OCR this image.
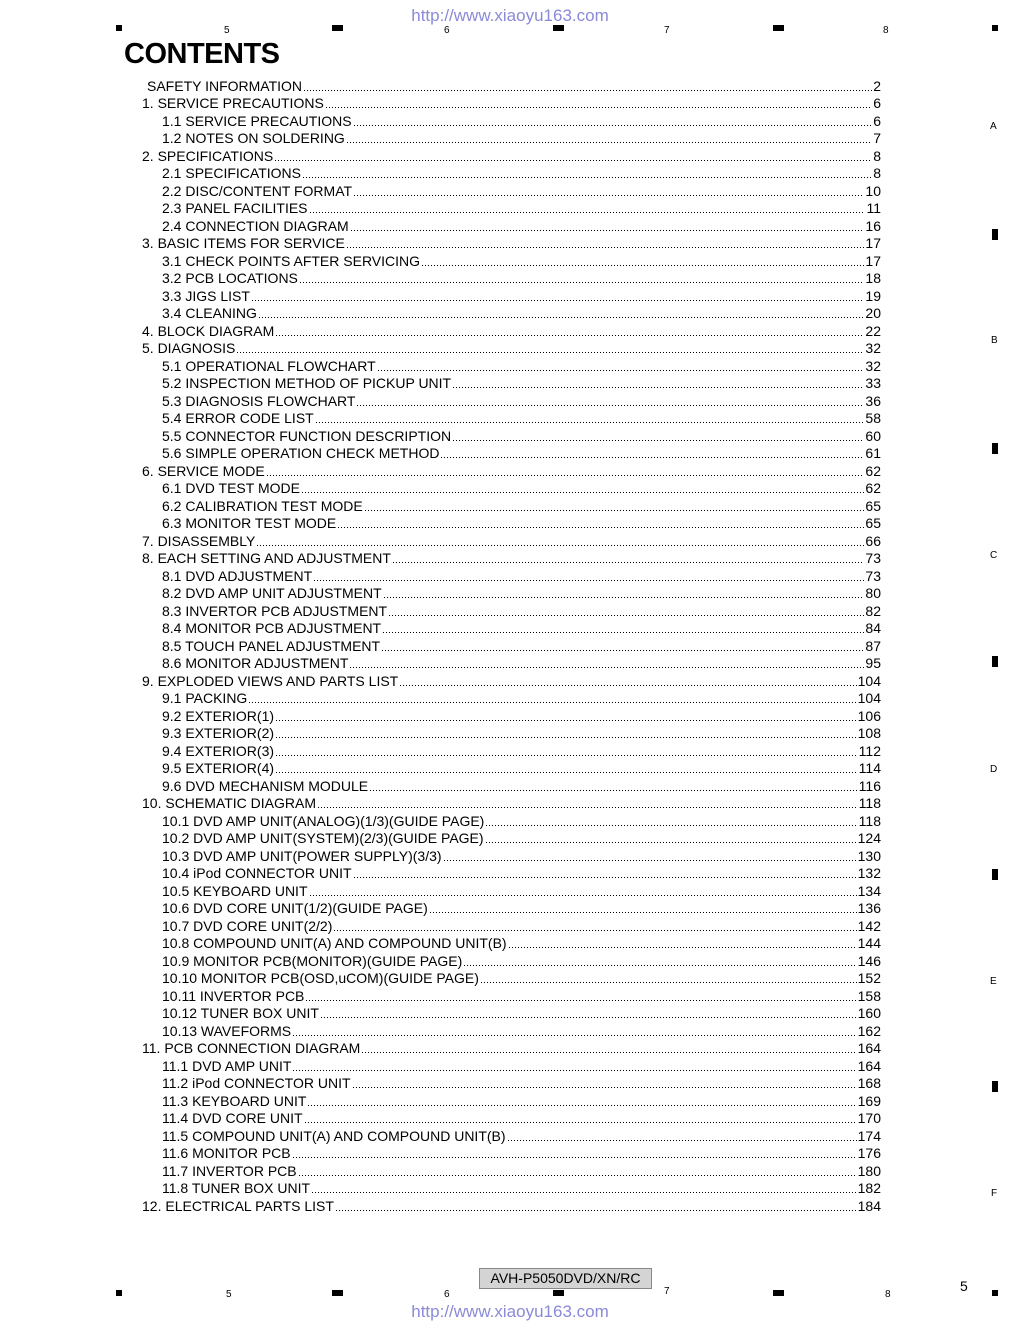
http://www.xiaoyu163.com
5	6	7	8
A
B
C
D
E
F
CONTENTS
SAFETY INFORMATION	2
1. SERVICE PRECAUTIONS	6
1.1 SERVICE PRECAUTIONS	6
1.2 NOTES ON SOLDERING	7
2. SPECIFICATIONS	8
2.1 SPECIFICATIONS	8
2.2 DISC/CONTENT FORMAT	10
2.3 PANEL FACILITIES	11
2.4 CONNECTION DIAGRAM	16
3. BASIC ITEMS FOR SERVICE	17
3.1 CHECK POINTS AFTER SERVICING	17
3.2 PCB LOCATIONS	18
3.3 JIGS LIST	19
3.4 CLEANING	20
4. BLOCK DIAGRAM	22
5. DIAGNOSIS	32
5.1 OPERATIONAL FLOWCHART	32
5.2 INSPECTION METHOD OF PICKUP UNIT	33
5.3 DIAGNOSIS FLOWCHART	36
5.4 ERROR CODE LIST	58
5.5 CONNECTOR FUNCTION DESCRIPTION	60
5.6 SIMPLE OPERATION CHECK METHOD	61
6. SERVICE MODE	62
6.1 DVD TEST MODE	62
6.2 CALIBRATION TEST MODE	65
6.3 MONITOR TEST MODE	65
7. DISASSEMBLY	66
8. EACH SETTING AND ADJUSTMENT	73
8.1 DVD ADJUSTMENT	73
8.2 DVD AMP UNIT ADJUSTMENT	80
8.3 INVERTOR PCB ADJUSTMENT	82
8.4 MONITOR PCB ADJUSTMENT	84
8.5 TOUCH PANEL ADJUSTMENT	87
8.6 MONITOR ADJUSTMENT	95
9. EXPLODED VIEWS AND PARTS LIST	104
9.1 PACKING	104
9.2 EXTERIOR(1)	106
9.3 EXTERIOR(2)	108
9.4 EXTERIOR(3)	112
9.5 EXTERIOR(4)	114
9.6 DVD MECHANISM MODULE	116
10. SCHEMATIC DIAGRAM	118
10.1 DVD AMP UNIT(ANALOG)(1/3)(GUIDE PAGE)	118
10.2 DVD AMP UNIT(SYSTEM)(2/3)(GUIDE PAGE)	124
10.3 DVD AMP UNIT(POWER SUPPLY)(3/3)	130
10.4 iPod CONNECTOR UNIT	132
10.5 KEYBOARD UNIT	134
10.6 DVD CORE UNIT(1/2)(GUIDE PAGE)	136
10.7 DVD CORE UNIT(2/2)	142
10.8 COMPOUND UNIT(A) AND COMPOUND UNIT(B)	144
10.9 MONITOR PCB(MONITOR)(GUIDE PAGE)	146
10.10 MONITOR PCB(OSD,uCOM)(GUIDE PAGE)	152
10.11 INVERTOR PCB	158
10.12 TUNER BOX UNIT	160
10.13 WAVEFORMS	162
11. PCB CONNECTION DIAGRAM	164
11.1 DVD AMP UNIT	164
11.2 iPod CONNECTOR UNIT	168
11.3 KEYBOARD UNIT	169
11.4 DVD CORE UNIT	170
11.5 COMPOUND UNIT(A) AND COMPOUND UNIT(B)	174
11.6 MONITOR PCB	176
11.7 INVERTOR PCB	180
11.8 TUNER BOX UNIT	182
12. ELECTRICAL PARTS LIST	184
AVH-P5050DVD/XN/RC	5
5	6	7	8
http://www.xiaoyu163.com
